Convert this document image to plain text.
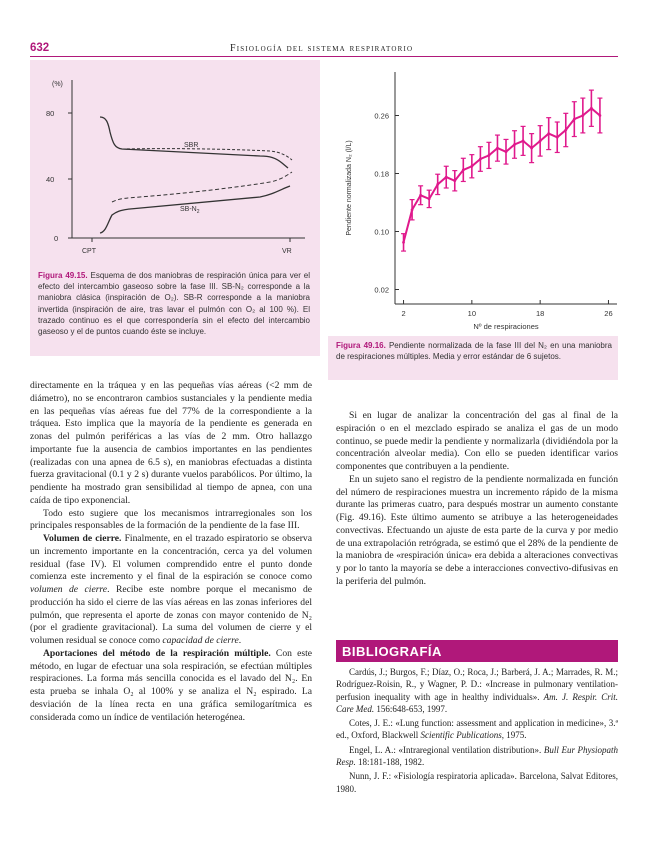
632	Fisiología del sistema respiratorio
(%)
80
40
0
CPT	VR
SBR
$SB-N_2$
Figura 49.15. Esquema de dos maniobras de respiración única para ver el efecto del intercambio gaseoso sobre la fase III. SB-N₂ corresponde a la maniobra clásica (inspiración de O₂). SB-R corresponde a la maniobra invertida (inspiración de aire, tras lavar el pulmón con O₂ al 100 %). El trazado continuo es el que correspondería sin el efecto del intercambio gaseoso y el de puntos cuando éste se incluye.
0.02
0.10
0.18
0.26
2	10	18	26
Nº de respiraciones
Pendiente normalizada N₂ (l/L)
Figura 49.16. Pendiente normalizada de la fase III del N₂ en una maniobra de respiraciones múltiples. Media y error estándar de 6 sujetos.

directamente en la tráquea y en las pequeñas vías aéreas (<2 mm de diámetro), no se encontraron cambios sustanciales y la pendiente media en las pequeñas vías aéreas fue del 77% de la correspondiente a la tráquea. Esto implica que la mayoría de la pendiente es generada en zonas del pulmón periféricas a las vías de 2 mm. Otro hallazgo importante fue la ausencia de cambios importantes en las pendientes (realizadas con una apnea de 6.5 s), en maniobras efectuadas a distinta fuerza gravitacional (0.1 y 2 s) durante vuelos parabólicos. Por último, la pendiente ha mostrado gran sensibilidad al tiempo de apnea, con una caída de tipo exponencial.

Todo esto sugiere que los mecanismos intrarregionales son los principales responsables de la formación de la pendiente de la fase III.

Volumen de cierre. Finalmente, en el trazado espiratorio se observa un incremento importante en la concentración, cerca ya del volumen residual (fase IV). El volumen comprendido entre el punto donde comienza este incremento y el final de la espiración se conoce como volumen de cierre. Recibe este nombre porque el mecanismo de producción ha sido el cierre de las vías aéreas en las zonas inferiores del pulmón, que representa el aporte de zonas con mayor contenido de N₂ (por el gradiente gravitacional). La suma del volumen de cierre y el volumen residual se conoce como capacidad de cierre.

Aportaciones del método de la respiración múltiple. Con este método, en lugar de efectuar una sola respiración, se efectúan múltiples respiraciones. La forma más sencilla conocida es el lavado del N₂. En esta prueba se inhala O₂ al 100% y se analiza el N₂ espirado. La desviación de la línea recta en una gráfica semilogarítmica es considerada como un índice de ventilación heterogénea.

Si en lugar de analizar la concentración del gas al final de la espiración o en el mezclado espirado se analiza el gas de un modo continuo, se puede medir la pendiente y normalizarla (dividiéndola por la concentración alveolar media). Con ello se pueden identificar varios componentes que contribuyen a la pendiente.

En un sujeto sano el registro de la pendiente normalizada en función del número de respiraciones muestra un incremento rápido de la misma durante las primeras cuatro, para después mostrar un aumento constante (Fig. 49.16). Este último aumento se atribuye a las heterogeneidades convectivas. Efectuando un ajuste de esta parte de la curva y por medio de una extrapolación retrógrada, se estimó que el 28% de la pendiente de la maniobra de «respiración única» era debida a alteraciones convectivas y por lo tanto la mayoría se debe a interacciones convectivo-difusivas en la periferia del pulmón.

BIBLIOGRAFÍA

Cardús, J.; Burgos, F.; Díaz, O.; Roca, J.; Barberá, J. A.; Marrades, R. M.; Rodríguez-Roisin, R., y Wagner, P. D.: «Increase in pulmonary ventilation-perfusion inequality with age in healthy individuals». Am. J. Respir. Crit. Care Med. 156:648-653, 1997.

Cotes, J. E.: «Lung function: assessment and application in medicine», 3.ª ed., Oxford, Blackwell Scientific Publications, 1975.

Engel, L. A.: «Intraregional ventilation distribution». Bull Eur Physiopath Resp. 18:181-188, 1982.

Nunn, J. F.: «Fisiología respiratoria aplicada». Barcelona, Salvat Editores, 1980.
